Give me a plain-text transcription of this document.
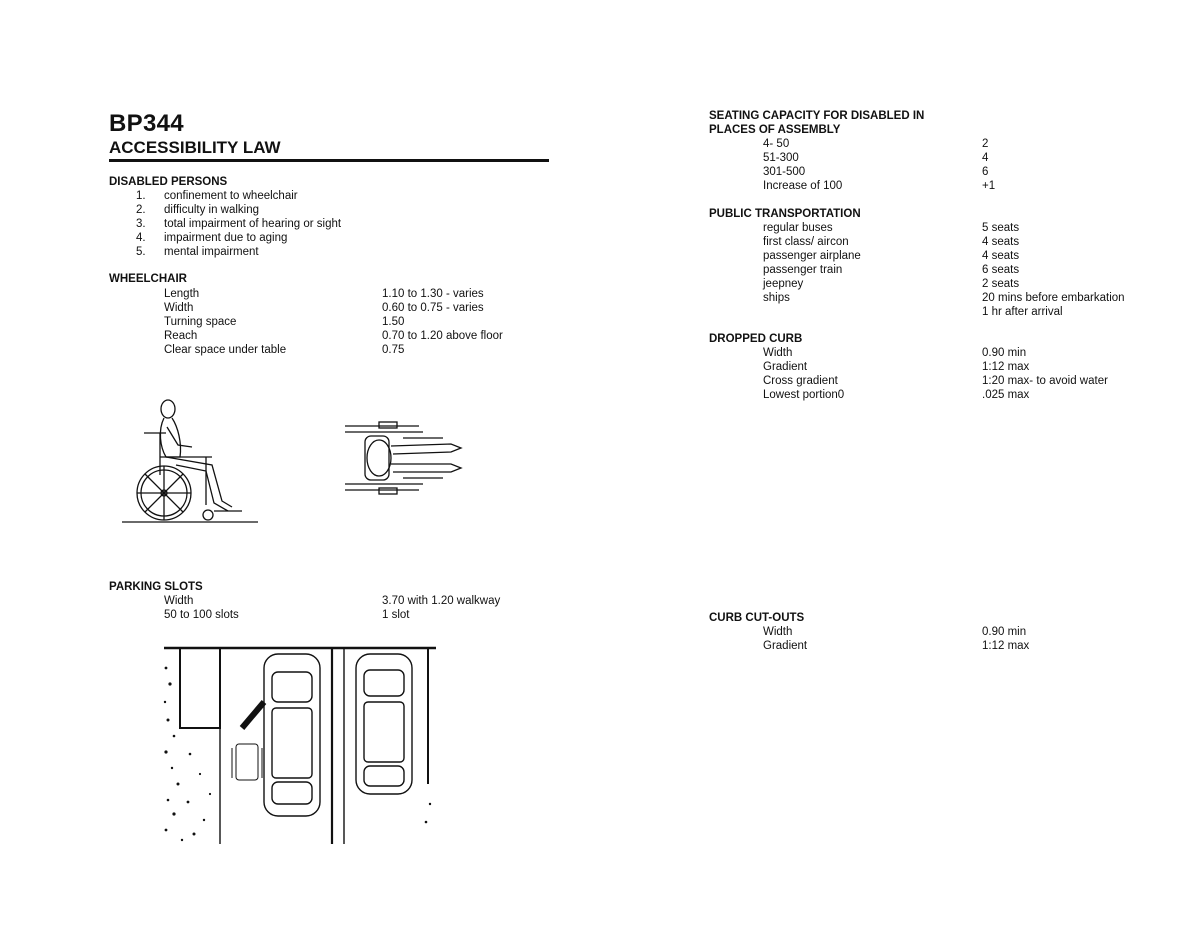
BP344
ACCESSIBILITY LAW
DISABLED PERSONS
1. confinement to wheelchair
2. difficulty in walking
3. total impairment of hearing or sight
4. impairment due to aging
5. mental impairment
WHEELCHAIR
Length	1.10 to 1.30 - varies
Width	0.60 to 0.75 - varies
Turning space	1.50
Reach	0.70 to 1.20 above floor
Clear space under table	0.75
PARKING SLOTS
Width	3.70 with 1.20 walkway
50 to 100 slots	1 slot
SEATING CAPACITY FOR DISABLED IN
PLACES OF ASSEMBLY
4- 50	2
51-300	4
301-500	6
Increase of 100	+1
PUBLIC TRANSPORTATION
regular buses	5 seats
first class/ aircon	4 seats
passenger airplane	4 seats
passenger train	6 seats
jeepney	2 seats
ships	20 mins before embarkation
1 hr after arrival
DROPPED CURB
Width	0.90 min
Gradient	1:12 max
Cross gradient	1:20 max- to avoid water
Lowest portion0	.025 max
CURB CUT-OUTS
Width	0.90 min
Gradient	1:12 max
